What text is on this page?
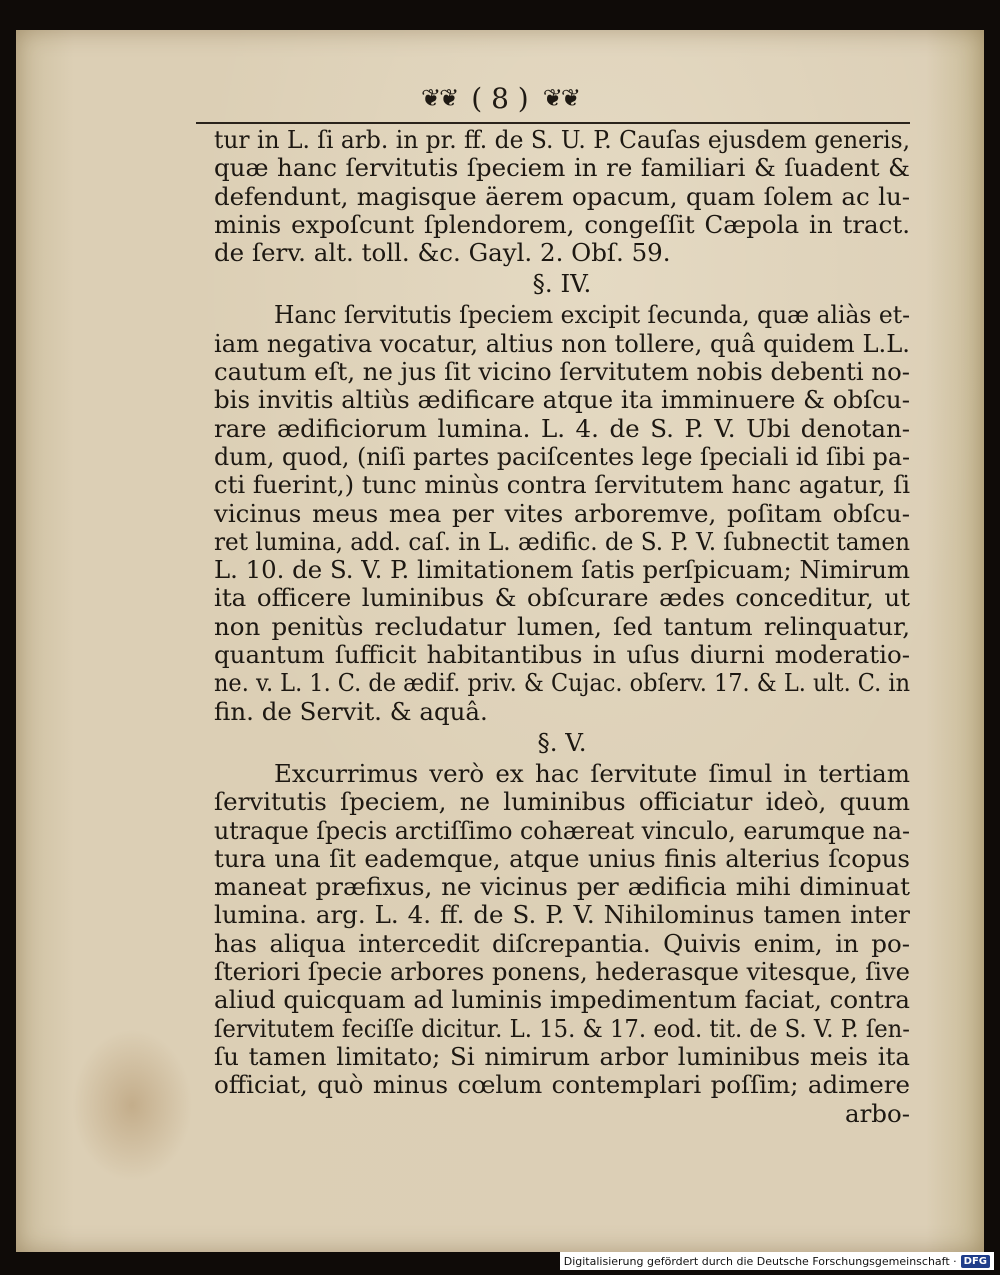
❦❦ ( 8 ) ❦❦
tur in L. ſi arb. in pr. ff. de S. U. P. Cauſas ejusdem generis,
quæ hanc ſervitutis ſpeciem in re familiari & ſuadent &
defendunt, magisque äerem opacum, quam ſolem ac lu-
minis expoſcunt ſplendorem, congeſſit Cæpola in tract.
de ſerv. alt. toll. &c. Gayl. 2. Obſ. 59.
§. IV.
Hanc ſervitutis ſpeciem excipit ſecunda, quæ aliàs et-
iam negativa vocatur, altius non tollere, quâ quidem L.L.
cautum eſt, ne jus ſit vicino ſervitutem nobis debenti no-
bis invitis altiùs ædificare atque ita imminuere & obſcu-
rare ædificiorum lumina. L. 4. de S. P. V. Ubi denotan-
dum, quod, (niſi partes paciſcentes lege ſpeciali id ſibi pa-
cti fuerint,) tunc minùs contra ſervitutem hanc agatur, ſi
vicinus meus mea per vites arboremve, poſitam obſcu-
ret lumina, add. caſ. in L. ædific. de S. P. V. ſubnectit tamen
L. 10. de S. V. P. limitationem ſatis perſpicuam; Nimirum
ita officere luminibus & obſcurare ædes conceditur, ut
non penitùs recludatur lumen, ſed tantum relinquatur,
quantum ſufficit habitantibus in uſus diurni moderatio-
ne. v. L. 1. C. de ædif. priv. & Cujac. obſerv. 17. & L. ult. C. in
fin. de Servit. & aquâ.
§. V.
Excurrimus verò ex hac ſervitute ſimul in tertiam
ſervitutis ſpeciem, ne luminibus officiatur ideò, quum
utraque ſpecis arctiſſimo cohæreat vinculo, earumque na-
tura una ſit eademque, atque unius finis alterius ſcopus
maneat præfixus, ne vicinus per ædificia mihi diminuat
lumina. arg. L. 4. ff. de S. P. V. Nihilominus tamen inter
has aliqua intercedit diſcrepantia. Quivis enim, in po-
ſteriori ſpecie arbores ponens, hederasque vitesque, ſive
aliud quicquam ad luminis impedimentum faciat, contra
ſervitutem feciſſe dicitur. L. 15. & 17. eod. tit. de S. V. P. ſen-
ſu tamen limitato; Si nimirum arbor luminibus meis ita
officiat, quò minus cœlum contemplari poſſim; adimere
arbo-
Digitalisierung gefördert durch die Deutsche Forschungsgemeinschaft · DFG
